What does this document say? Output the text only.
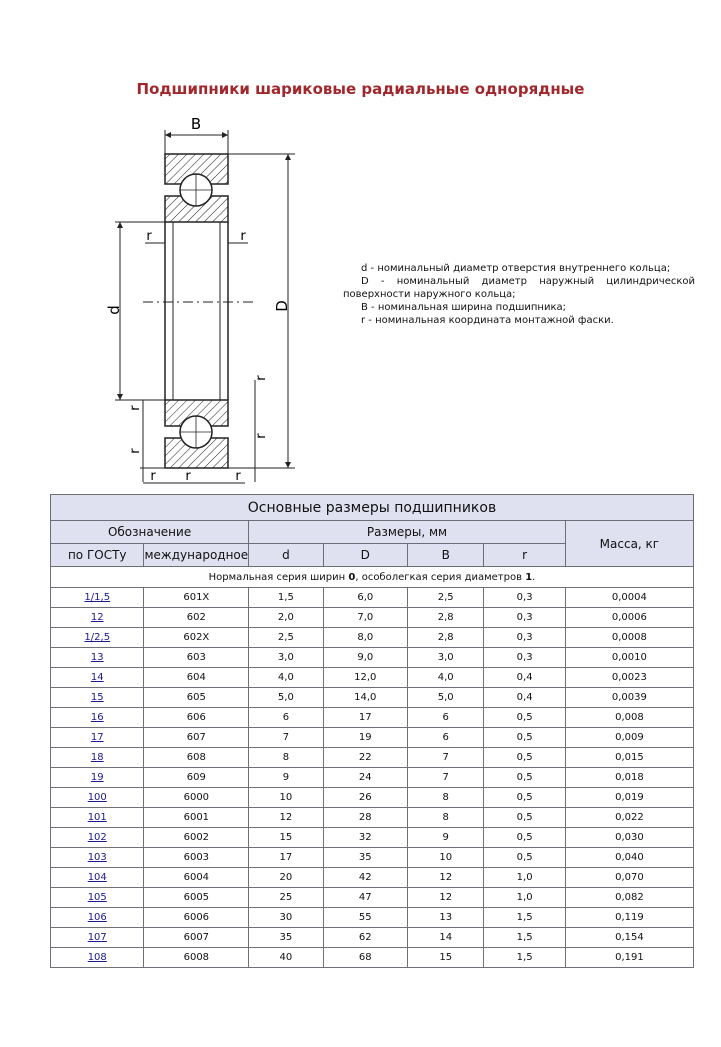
Подшипники шариковые радиальные однорядные
B
d	D
r	r
r
r
r
r
r r	r

d - номинальный диаметр отверстия внутреннего кольца;

D - номинальный диаметр наружный цилиндрической

поверхности наружного кольца;

B - номинальная ширина подшипника;

r - номинальная координата монтажной фаски.

Основные размеры подшипников						
Обозначение		Размеры, мм				Масса, кг
по ГОСТу	международное	d	D	B	r	
Нормальная серия ширин 0, особолегкая серия диаметров 1.						
1/1,5	601X	1,5	6,0	2,5	0,3	0,0004
12	602	2,0	7,0	2,8	0,3	0,0006
1/2,5	602X	2,5	8,0	2,8	0,3	0,0008
13	603	3,0	9,0	3,0	0,3	0,0010
14	604	4,0	12,0	4,0	0,4	0,0023
15	605	5,0	14,0	5,0	0,4	0,0039
16	606	6	17	6	0,5	0,008
17	607	7	19	6	0,5	0,009
18	608	8	22	7	0,5	0,015
19	609	9	24	7	0,5	0,018
100	6000	10	26	8	0,5	0,019
101	6001	12	28	8	0,5	0,022
102	6002	15	32	9	0,5	0,030
103	6003	17	35	10	0,5	0,040
104	6004	20	42	12	1,0	0,070
105	6005	25	47	12	1,0	0,082
106	6006	30	55	13	1,5	0,119
107	6007	35	62	14	1,5	0,154
108	6008	40	68	15	1,5	0,191
